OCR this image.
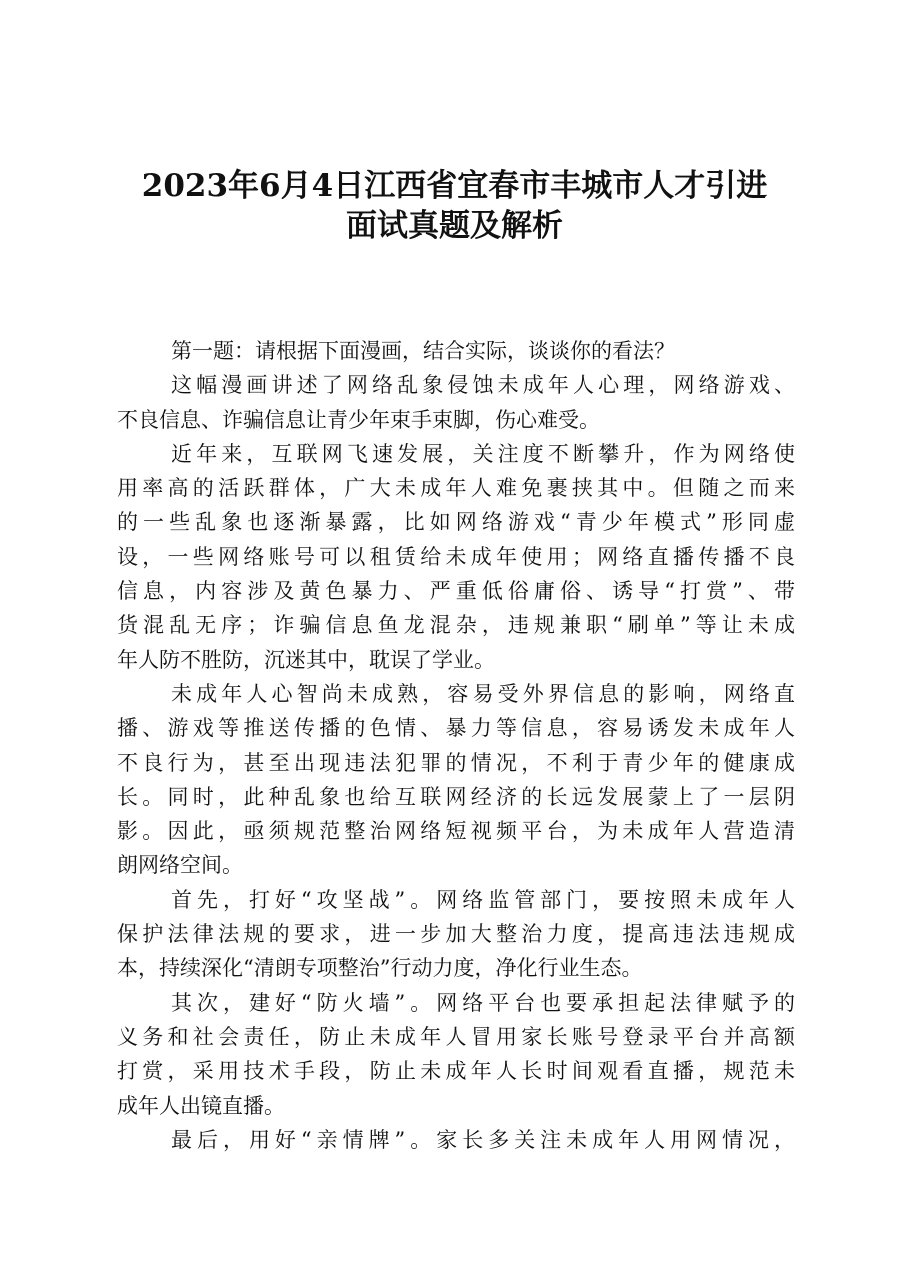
2023年6月4日江西省宜春市丰城市人才引进
面试真题及解析
第一题：请根据下面漫画，结合实际，谈谈你的看法？
这幅漫画讲述了网络乱象侵蚀未成年人心理，网络游戏、
不良信息、诈骗信息让青少年束手束脚，伤心难受。
近年来，互联网飞速发展，关注度不断攀升，作为网络使
用率高的活跃群体，广大未成年人难免裹挟其中。但随之而来
的一些乱象也逐渐暴露，比如网络游戏“青少年模式”形同虚
设，一些网络账号可以租赁给未成年使用；网络直播传播不良
信息，内容涉及黄色暴力、严重低俗庸俗、诱导“打赏”、带
货混乱无序；诈骗信息鱼龙混杂，违规兼职“刷单”等让未成
年人防不胜防，沉迷其中，耽误了学业。
未成年人心智尚未成熟，容易受外界信息的影响，网络直
播、游戏等推送传播的色情、暴力等信息，容易诱发未成年人
不良行为，甚至出现违法犯罪的情况，不利于青少年的健康成
长。同时，此种乱象也给互联网经济的长远发展蒙上了一层阴
影。因此，亟须规范整治网络短视频平台，为未成年人营造清
朗网络空间。
首先，打好“攻坚战”。网络监管部门，要按照未成年人
保护法律法规的要求，进一步加大整治力度，提高违法违规成
本，持续深化“清朗专项整治”行动力度，净化行业生态。
其次，建好“防火墙”。网络平台也要承担起法律赋予的
义务和社会责任，防止未成年人冒用家长账号登录平台并高额
打赏，采用技术手段，防止未成年人长时间观看直播，规范未
成年人出镜直播。
最后，用好“亲情牌”。家长多关注未成年人用网情况，
